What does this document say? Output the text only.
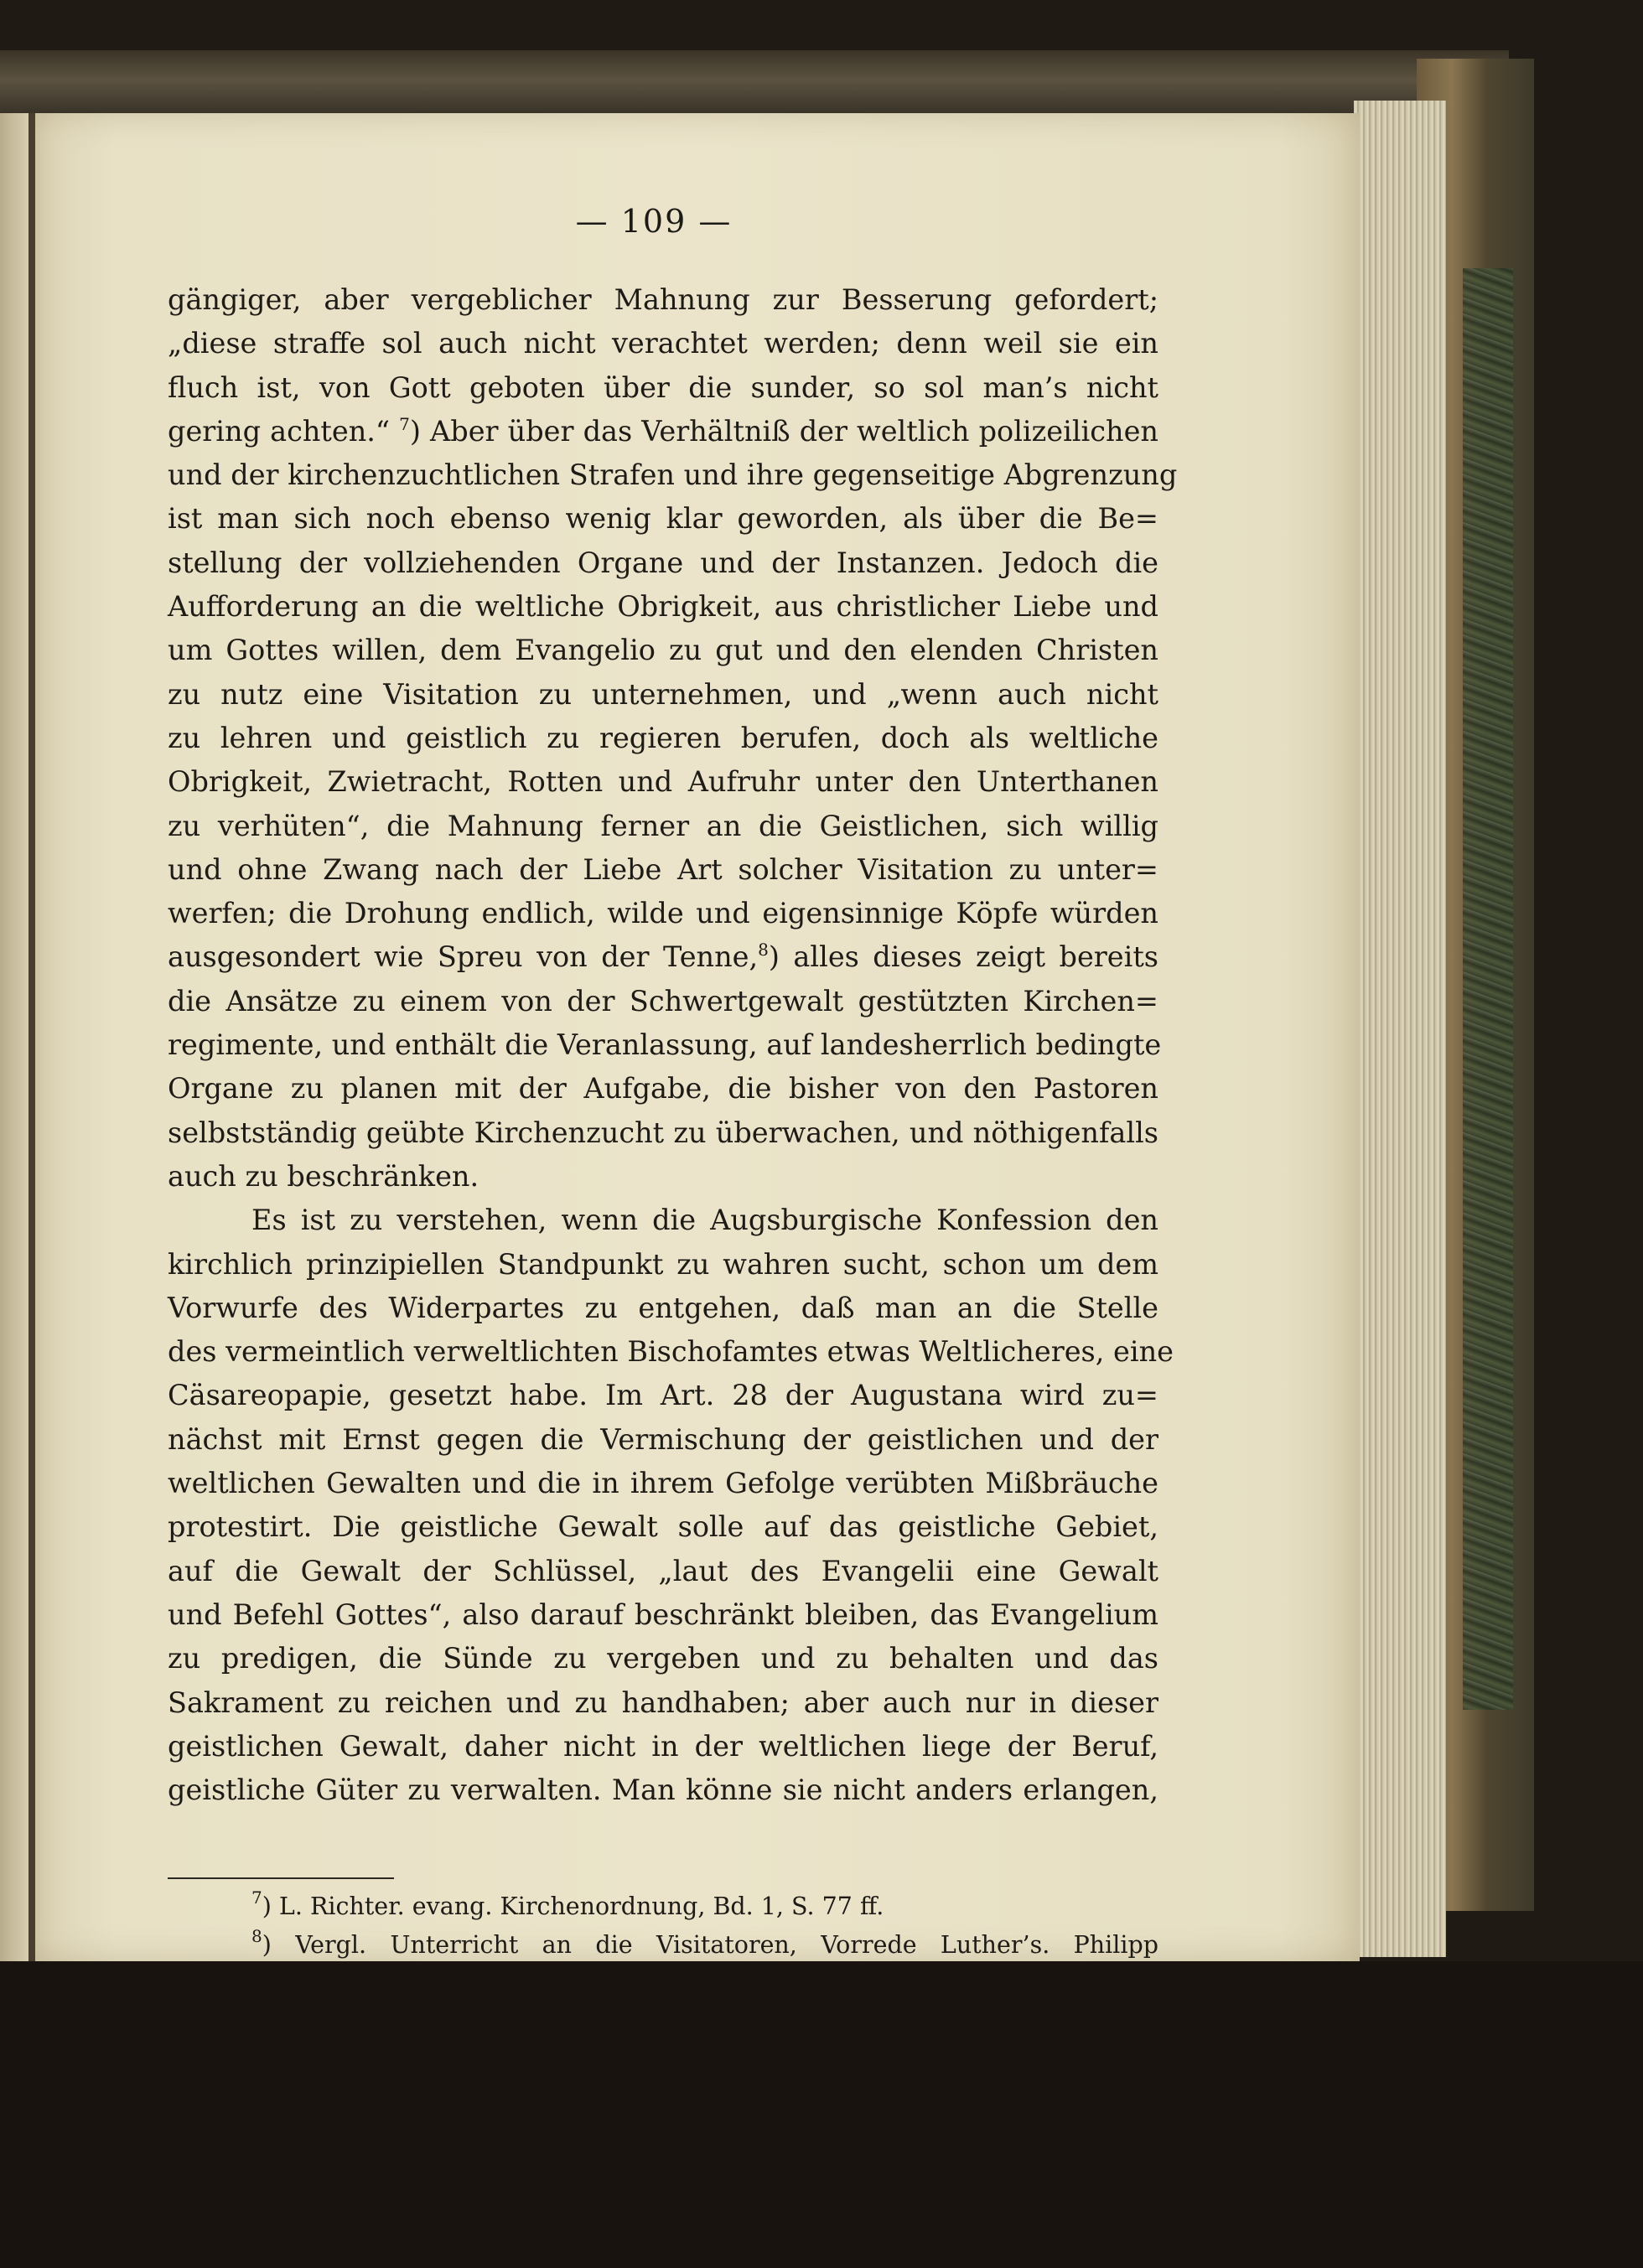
— 109 —
gängiger, aber vergeblicher Mahnung zur Besserung gefordert;
„diese straffe sol auch nicht verachtet werden; denn weil sie ein
fluch ist, von Gott geboten über die sunder, so sol man’s nicht
gering achten.“ $^7$) Aber über das Verhältniß der weltlich polizeilichen
und der kirchenzuchtlichen Strafen und ihre gegenseitige Abgrenzung
ist man sich noch ebenso wenig klar geworden, als über die Be=
stellung der vollziehenden Organe und der Instanzen. Jedoch die
Aufforderung an die weltliche Obrigkeit, aus christlicher Liebe und
um Gottes willen, dem Evangelio zu gut und den elenden Christen
zu nutz eine Visitation zu unternehmen, und „wenn auch nicht
zu lehren und geistlich zu regieren berufen, doch als weltliche
Obrigkeit, Zwietracht, Rotten und Aufruhr unter den Unterthanen
zu verhüten“, die Mahnung ferner an die Geistlichen, sich willig
und ohne Zwang nach der Liebe Art solcher Visitation zu unter=
werfen; die Drohung endlich, wilde und eigensinnige Köpfe würden
ausgesondert wie Spreu von der Tenne,$^8$) alles dieses zeigt bereits
die Ansätze zu einem von der Schwertgewalt gestützten Kirchen=
regimente, und enthält die Veranlassung, auf landesherrlich bedingte
Organe zu planen mit der Aufgabe, die bisher von den Pastoren
selbstständig geübte Kirchenzucht zu überwachen, und nöthigenfalls
auch zu beschränken.
Es ist zu verstehen, wenn die Augsburgische Konfession den
kirchlich prinzipiellen Standpunkt zu wahren sucht, schon um dem
Vorwurfe des Widerpartes zu entgehen, daß man an die Stelle
des vermeintlich verweltlichten Bischofamtes etwas Weltlicheres, eine
Cäsareopapie, gesetzt habe. Im Art. 28 der Augustana wird zu=
nächst mit Ernst gegen die Vermischung der geistlichen und der
weltlichen Gewalten und die in ihrem Gefolge verübten Mißbräuche
protestirt. Die geistliche Gewalt solle auf das geistliche Gebiet,
auf die Gewalt der Schlüssel, „laut des Evangelii eine Gewalt
und Befehl Gottes“, also darauf beschränkt bleiben, das Evangelium
zu predigen, die Sünde zu vergeben und zu behalten und das
Sakrament zu reichen und zu handhaben; aber auch nur in dieser
geistlichen Gewalt, daher nicht in der weltlichen liege der Beruf,
geistliche Güter zu verwalten. Man könne sie nicht anders erlangen,
$^7$) L. Richter. evang. Kirchenordnung, Bd. 1, S. 77 ff.
$^8$) Vergl. Unterricht an die Visitatoren, Vorrede Luther’s. Philipp
